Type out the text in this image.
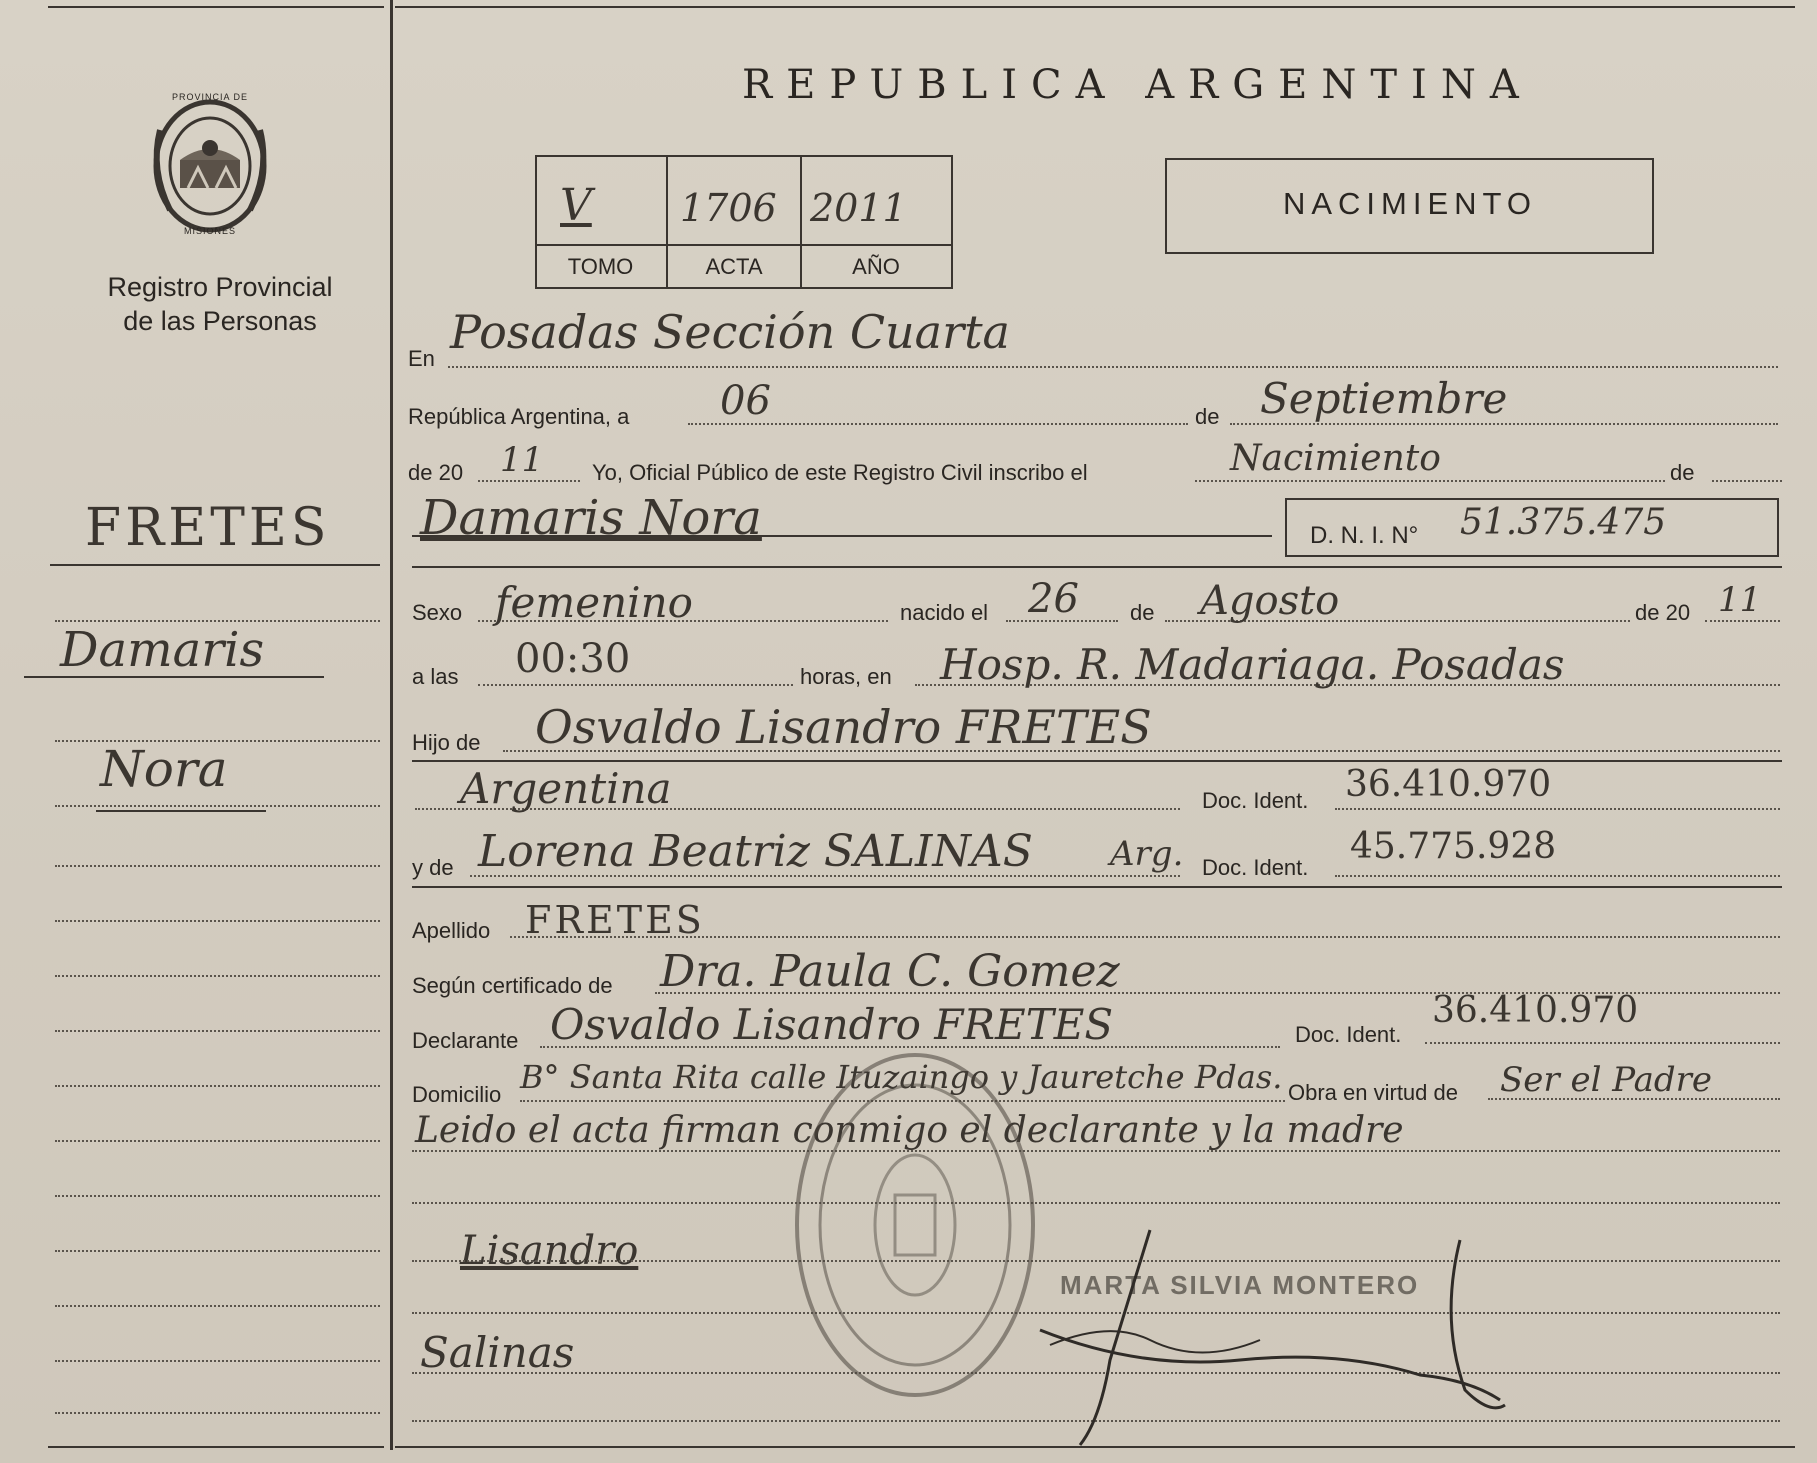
PROVINCIA DE
MISIONES
Registro Provincial
de las Personas
REPUBLICA ARGENTINA
V 1706 2011
TOMO	ACTA	AÑO
NACIMIENTO
FRETES
Damaris
Nora
En Posadas Sección Cuarta
República Argentina, a 06	de Septiembre
de 20 11 Yo, Oficial Público de este Registro Civil inscribo el	Nacimiento	de
Damaris Nora	D. N. I. N° 51.375.475
Sexo femenino	nacido el 26 de Agosto	de 20 11
a las 00:30	horas, en Hosp. R. Madariaga. Posadas
Hijo de Osvaldo Lisandro FRETES
Argentina	Doc. Ident. 36.410.970
y de Lorena Beatriz SALINAS Arg. Doc. Ident.
45.775.928
Apellido FRETES
Según certificado de Dra. Paula C. Gomez
Declarante Osvaldo Lisandro FRETES	Doc. Ident.
36.410.970
Domicilio B° Santa Rita calle Ituzaingo y Jauretche Pdas. Obra en virtud de Ser el Padre
Leido el acta firman conmigo el declarante y la madre
Lisandro
Salinas
MARTA SILVIA MONTERO
